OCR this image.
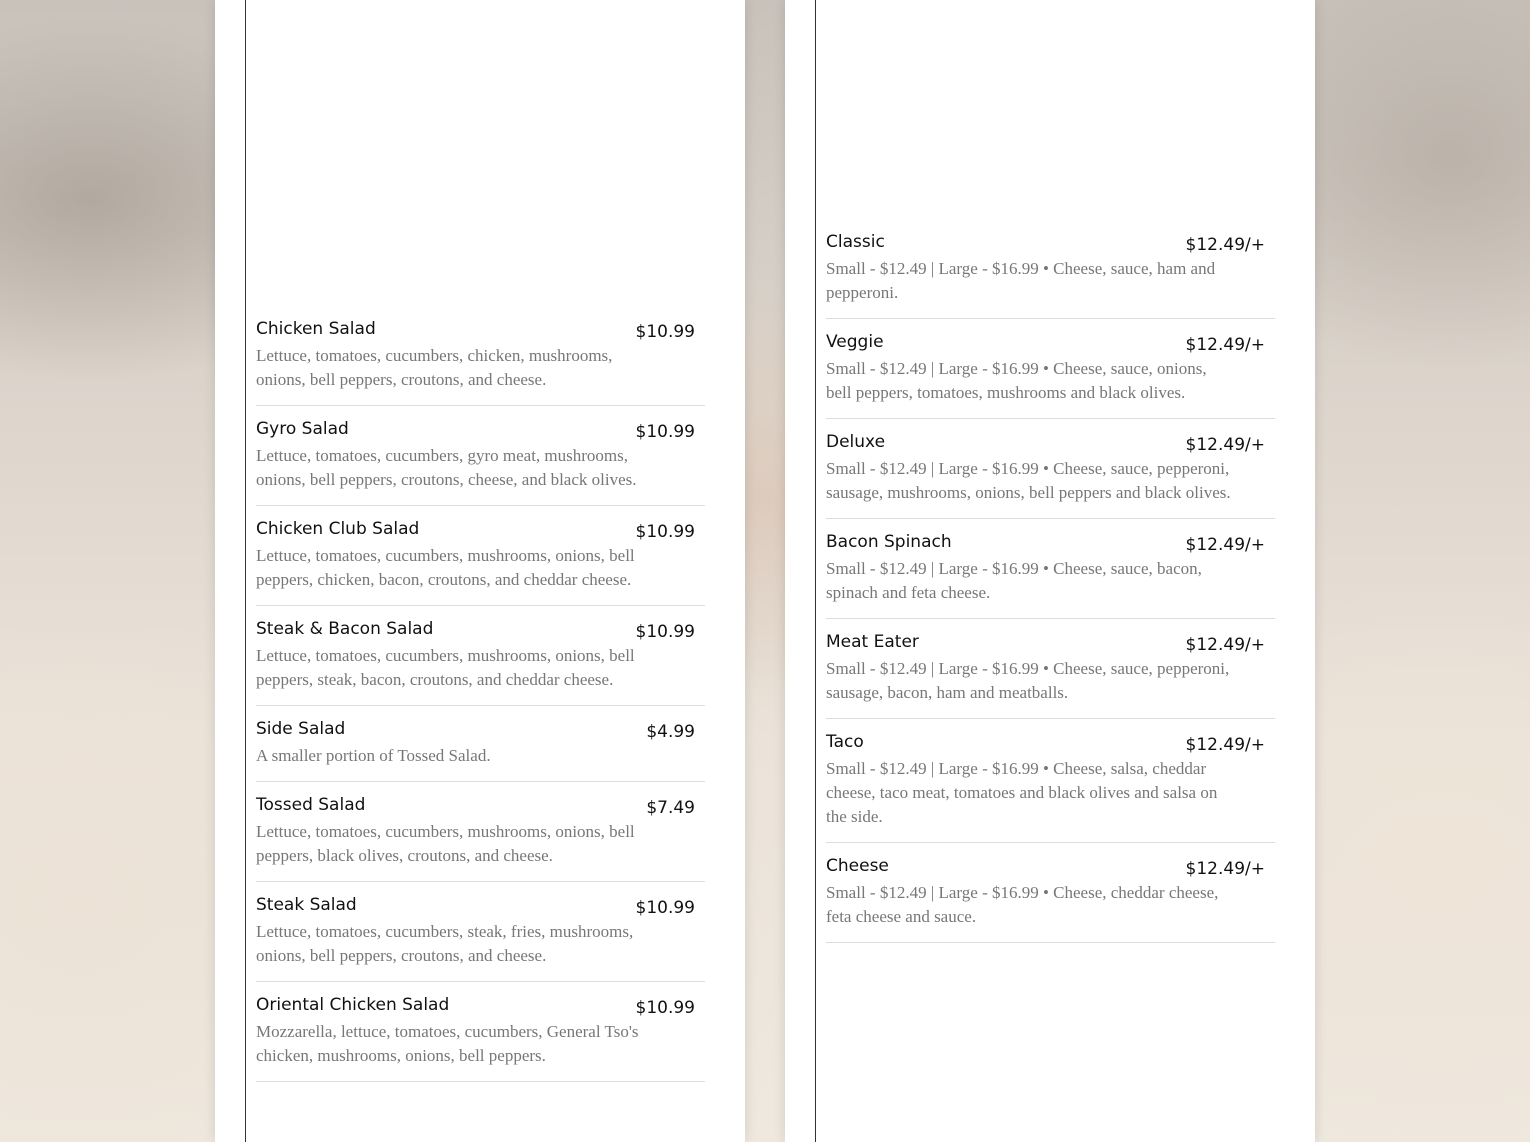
Chicken Salad	$10.99
Lettuce, tomatoes, cucumbers, chicken, mushrooms, onions, bell peppers, croutons, and cheese.
Gyro Salad	$10.99
Lettuce, tomatoes, cucumbers, gyro meat, mushrooms, onions, bell peppers, croutons, cheese, and black olives.
Chicken Club Salad	$10.99
Lettuce, tomatoes, cucumbers, mushrooms, onions, bell peppers, chicken, bacon, croutons, and cheddar cheese.
Steak & Bacon Salad	$10.99
Lettuce, tomatoes, cucumbers, mushrooms, onions, bell peppers, steak, bacon, croutons, and cheddar cheese.
Side Salad	$4.99
A smaller portion of Tossed Salad.
Tossed Salad	$7.49
Lettuce, tomatoes, cucumbers, mushrooms, onions, bell peppers, black olives, croutons, and cheese.
Steak Salad	$10.99
Lettuce, tomatoes, cucumbers, steak, fries, mushrooms, onions, bell peppers, croutons, and cheese.
Oriental Chicken Salad	$10.99
Mozzarella, lettuce, tomatoes, cucumbers, General Tso's chicken, mushrooms, onions, bell peppers.
Classic	$12.49/+
Small - $12.49 | Large - $16.99 • Cheese, sauce, ham and pepperoni.
Veggie	$12.49/+
Small - $12.49 | Large - $16.99 • Cheese, sauce, onions, bell peppers, tomatoes, mushrooms and black olives.
Deluxe	$12.49/+
Small - $12.49 | Large - $16.99 • Cheese, sauce, pepperoni, sausage, mushrooms, onions, bell peppers and black olives.
Bacon Spinach	$12.49/+
Small - $12.49 | Large - $16.99 • Cheese, sauce, bacon, spinach and feta cheese.
Meat Eater	$12.49/+
Small - $12.49 | Large - $16.99 • Cheese, sauce, pepperoni, sausage, bacon, ham and meatballs.
Taco	$12.49/+
Small - $12.49 | Large - $16.99 • Cheese, salsa, cheddar cheese, taco meat, tomatoes and black olives and salsa on the side.
Cheese	$12.49/+
Small - $12.49 | Large - $16.99 • Cheese, cheddar cheese, feta cheese and sauce.
